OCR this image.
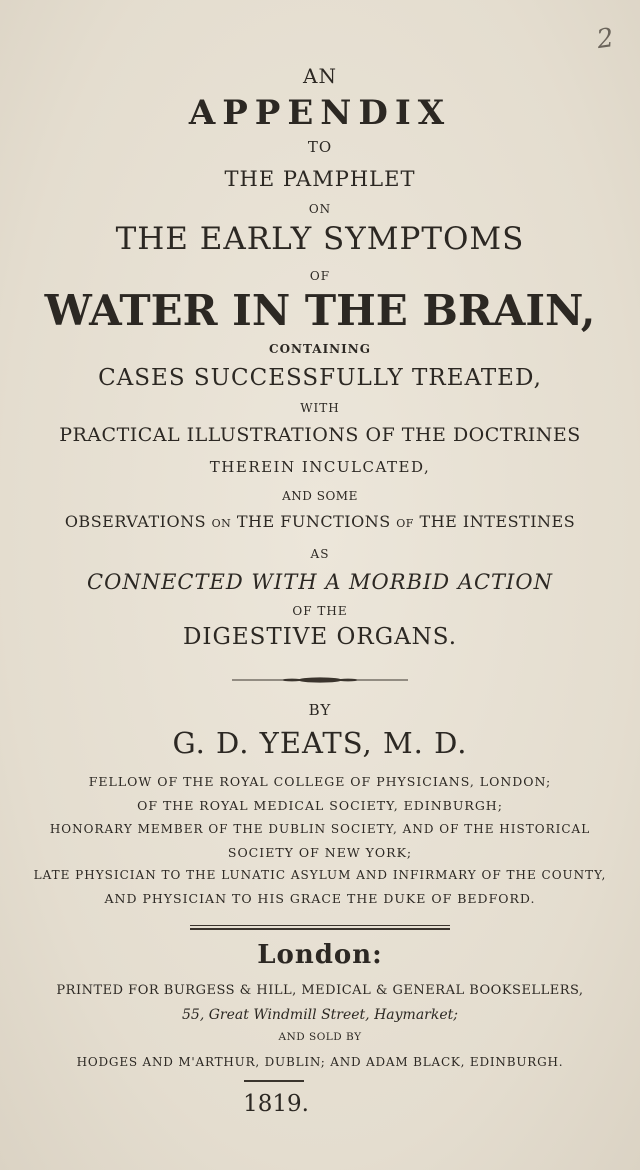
2
AN
APPENDIX
TO
THE PAMPHLET
ON
THE EARLY SYMPTOMS
OF
WATER IN THE BRAIN,
CONTAINING
CASES SUCCESSFULLY TREATED,
WITH
PRACTICAL ILLUSTRATIONS OF THE DOCTRINES
THEREIN INCULCATED,
AND SOME
OBSERVATIONS ON THE FUNCTIONS OF THE INTESTINES
AS
CONNECTED WITH A MORBID ACTION
OF THE
DIGESTIVE ORGANS.
BY
G. D. YEATS, M. D.
FELLOW OF THE ROYAL COLLEGE OF PHYSICIANS, LONDON;
OF THE ROYAL MEDICAL SOCIETY, EDINBURGH;
HONORARY MEMBER OF THE DUBLIN SOCIETY, AND OF THE HISTORICAL
SOCIETY OF NEW YORK;
LATE PHYSICIAN TO THE LUNATIC ASYLUM AND INFIRMARY OF THE COUNTY,
AND PHYSICIAN TO HIS GRACE THE DUKE OF BEDFORD.
London:
PRINTED FOR BURGESS & HILL, MEDICAL & GENERAL BOOKSELLERS,
55, Great Windmill Street, Haymarket;
AND SOLD BY
HODGES AND M'ARTHUR, DUBLIN; AND ADAM BLACK, EDINBURGH.
1819.
